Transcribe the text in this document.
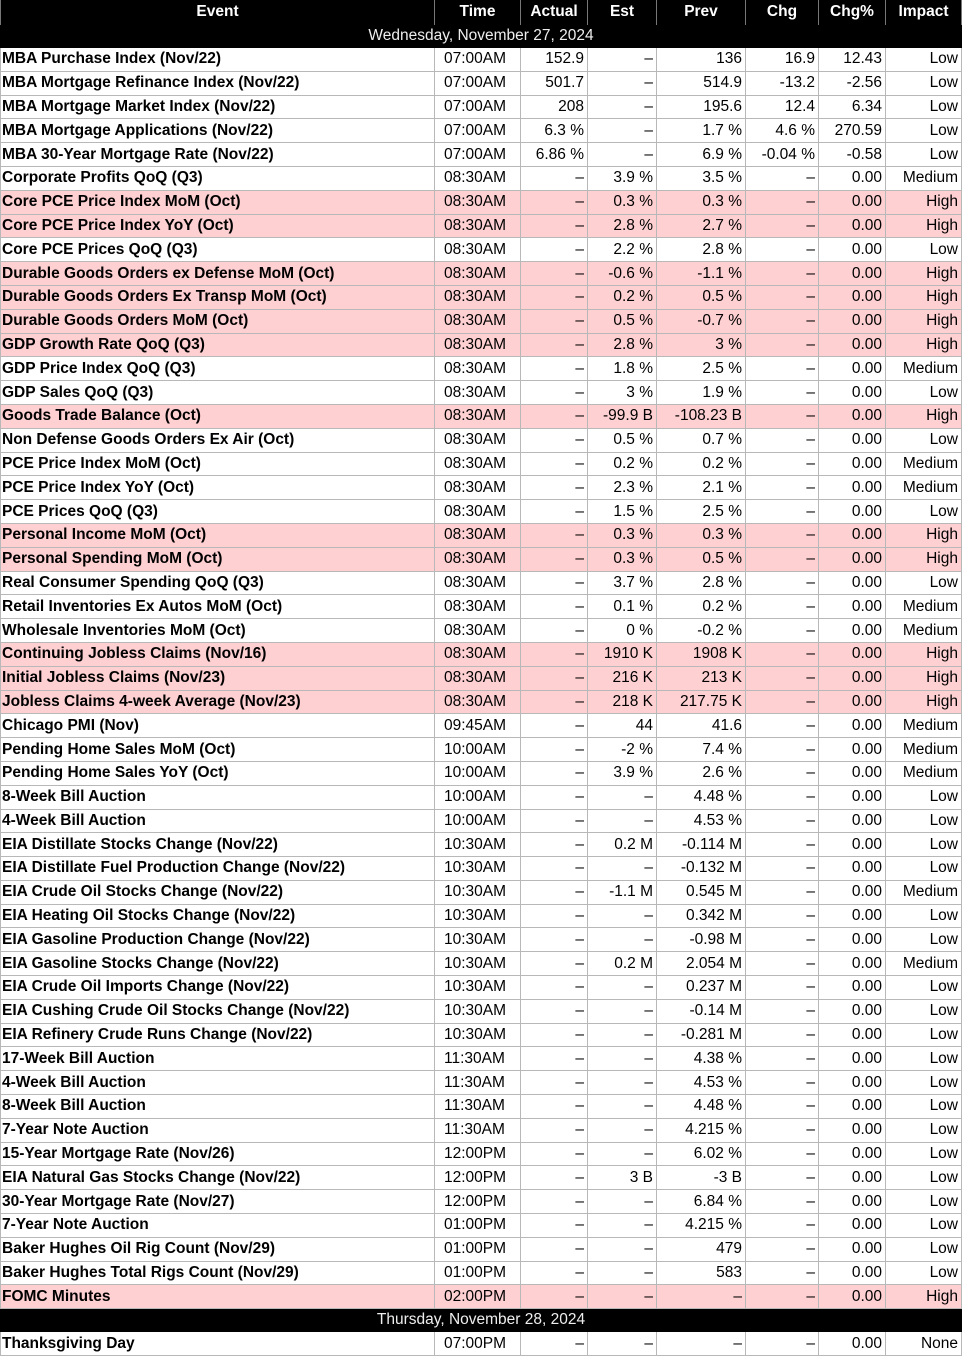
Event	Time	Actual	Est	Prev	Chg	Chg%	Impact
Wednesday, November 27, 2024							
MBA Purchase Index (Nov/22)	07:00AM	152.9	–	136	16.9	12.43	Low
MBA Mortgage Refinance Index (Nov/22)	07:00AM	501.7	–	514.9	-13.2	-2.56	Low
MBA Mortgage Market Index (Nov/22)	07:00AM	208	–	195.6	12.4	6.34	Low
MBA Mortgage Applications (Nov/22)	07:00AM	6.3 %	–	1.7 %	4.6 %	270.59	Low
MBA 30-Year Mortgage Rate (Nov/22)	07:00AM	6.86 %	–	6.9 %	-0.04 %	-0.58	Low
Corporate Profits QoQ (Q3)	08:30AM	–	3.9 %	3.5 %	–	0.00	Medium
Core PCE Price Index MoM (Oct)	08:30AM	–	0.3 %	0.3 %	–	0.00	High
Core PCE Price Index YoY (Oct)	08:30AM	–	2.8 %	2.7 %	–	0.00	High
Core PCE Prices QoQ (Q3)	08:30AM	–	2.2 %	2.8 %	–	0.00	Low
Durable Goods Orders ex Defense MoM (Oct)	08:30AM	–	-0.6 %	-1.1 %	–	0.00	High
Durable Goods Orders Ex Transp MoM (Oct)	08:30AM	–	0.2 %	0.5 %	–	0.00	High
Durable Goods Orders MoM (Oct)	08:30AM	–	0.5 %	-0.7 %	–	0.00	High
GDP Growth Rate QoQ (Q3)	08:30AM	–	2.8 %	3 %	–	0.00	High
GDP Price Index QoQ (Q3)	08:30AM	–	1.8 %	2.5 %	–	0.00	Medium
GDP Sales QoQ (Q3)	08:30AM	–	3 %	1.9 %	–	0.00	Low
Goods Trade Balance (Oct)	08:30AM	–	-99.9 B	-108.23 B	–	0.00	High
Non Defense Goods Orders Ex Air (Oct)	08:30AM	–	0.5 %	0.7 %	–	0.00	Low
PCE Price Index MoM (Oct)	08:30AM	–	0.2 %	0.2 %	–	0.00	Medium
PCE Price Index YoY (Oct)	08:30AM	–	2.3 %	2.1 %	–	0.00	Medium
PCE Prices QoQ (Q3)	08:30AM	–	1.5 %	2.5 %	–	0.00	Low
Personal Income MoM (Oct)	08:30AM	–	0.3 %	0.3 %	–	0.00	High
Personal Spending MoM (Oct)	08:30AM	–	0.3 %	0.5 %	–	0.00	High
Real Consumer Spending QoQ (Q3)	08:30AM	–	3.7 %	2.8 %	–	0.00	Low
Retail Inventories Ex Autos MoM (Oct)	08:30AM	–	0.1 %	0.2 %	–	0.00	Medium
Wholesale Inventories MoM (Oct)	08:30AM	–	0 %	-0.2 %	–	0.00	Medium
Continuing Jobless Claims (Nov/16)	08:30AM	–	1910 K	1908 K	–	0.00	High
Initial Jobless Claims (Nov/23)	08:30AM	–	216 K	213 K	–	0.00	High
Jobless Claims 4-week Average (Nov/23)	08:30AM	–	218 K	217.75 K	–	0.00	High
Chicago PMI (Nov)	09:45AM	–	44	41.6	–	0.00	Medium
Pending Home Sales MoM (Oct)	10:00AM	–	-2 %	7.4 %	–	0.00	Medium
Pending Home Sales YoY (Oct)	10:00AM	–	3.9 %	2.6 %	–	0.00	Medium
8-Week Bill Auction	10:00AM	–	–	4.48 %	–	0.00	Low
4-Week Bill Auction	10:00AM	–	–	4.53 %	–	0.00	Low
EIA Distillate Stocks Change (Nov/22)	10:30AM	–	0.2 M	-0.114 M	–	0.00	Low
EIA Distillate Fuel Production Change (Nov/22)	10:30AM	–	–	-0.132 M	–	0.00	Low
EIA Crude Oil Stocks Change (Nov/22)	10:30AM	–	-1.1 M	0.545 M	–	0.00	Medium
EIA Heating Oil Stocks Change (Nov/22)	10:30AM	–	–	0.342 M	–	0.00	Low
EIA Gasoline Production Change (Nov/22)	10:30AM	–	–	-0.98 M	–	0.00	Low
EIA Gasoline Stocks Change (Nov/22)	10:30AM	–	0.2 M	2.054 M	–	0.00	Medium
EIA Crude Oil Imports Change (Nov/22)	10:30AM	–	–	0.237 M	–	0.00	Low
EIA Cushing Crude Oil Stocks Change (Nov/22)	10:30AM	–	–	-0.14 M	–	0.00	Low
EIA Refinery Crude Runs Change (Nov/22)	10:30AM	–	–	-0.281 M	–	0.00	Low
17-Week Bill Auction	11:30AM	–	–	4.38 %	–	0.00	Low
4-Week Bill Auction	11:30AM	–	–	4.53 %	–	0.00	Low
8-Week Bill Auction	11:30AM	–	–	4.48 %	–	0.00	Low
7-Year Note Auction	11:30AM	–	–	4.215 %	–	0.00	Low
15-Year Mortgage Rate (Nov/26)	12:00PM	–	–	6.02 %	–	0.00	Low
EIA Natural Gas Stocks Change (Nov/22)	12:00PM	–	3 B	-3 B	–	0.00	Low
30-Year Mortgage Rate (Nov/27)	12:00PM	–	–	6.84 %	–	0.00	Low
7-Year Note Auction	01:00PM	–	–	4.215 %	–	0.00	Low
Baker Hughes Oil Rig Count (Nov/29)	01:00PM	–	–	479	–	0.00	Low
Baker Hughes Total Rigs Count (Nov/29)	01:00PM	–	–	583	–	0.00	Low
FOMC Minutes	02:00PM	–	–	–	–	0.00	High
Thursday, November 28, 2024							
Thanksgiving Day	07:00PM	–	–	–	–	0.00	None
